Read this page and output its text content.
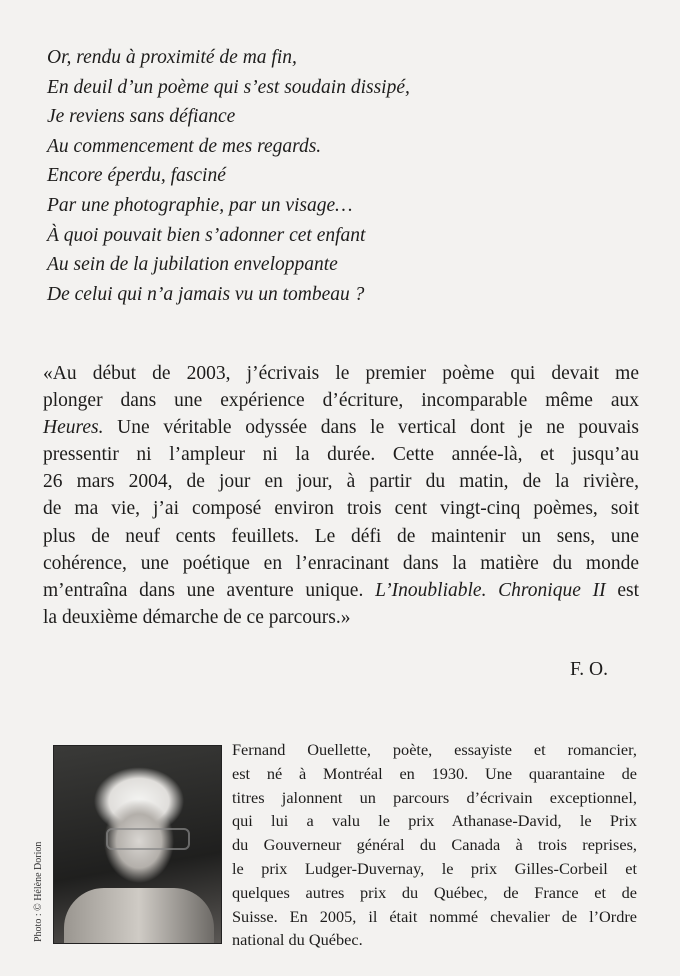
Or, rendu à proximité de ma fin,
En deuil d’un poème qui s’est soudain dissipé,
Je reviens sans défiance
Au commencement de mes regards.
Encore éperdu, fasciné
Par une photographie, par un visage…
À quoi pouvait bien s’adonner cet enfant
Au sein de la jubilation enveloppante
De celui qui n’a jamais vu un tombeau ?
«Au début de 2003, j’écrivais le premier poème qui devait me
plonger dans une expérience d’écriture, incomparable même aux
Heures. Une véritable odyssée dans le vertical dont je ne pouvais
pressentir ni l’ampleur ni la durée. Cette année-là, et jusqu’au
26 mars 2004, de jour en jour, à partir du matin, de la rivière,
de ma vie, j’ai composé environ trois cent vingt-cinq poèmes, soit
plus de neuf cents feuillets. Le défi de maintenir un sens, une
cohérence, une poétique en l’enracinant dans la matière du monde
m’entraîna dans une aventure unique. L’Inoubliable. Chronique II est
la deuxième démarche de ce parcours.»
F. O.
Photo : © Hélène Dorion
Fernand Ouellette, poète, essayiste et romancier,
est né à Montréal en 1930. Une quarantaine de
titres jalonnent un parcours d’écrivain exceptionnel,
qui lui a valu le prix Athanase-David, le Prix
du Gouverneur général du Canada à trois reprises,
le prix Ludger-Duvernay, le prix Gilles-Corbeil et
quelques autres prix du Québec, de France et de
Suisse. En 2005, il était nommé chevalier de l’Ordre
national du Québec.
